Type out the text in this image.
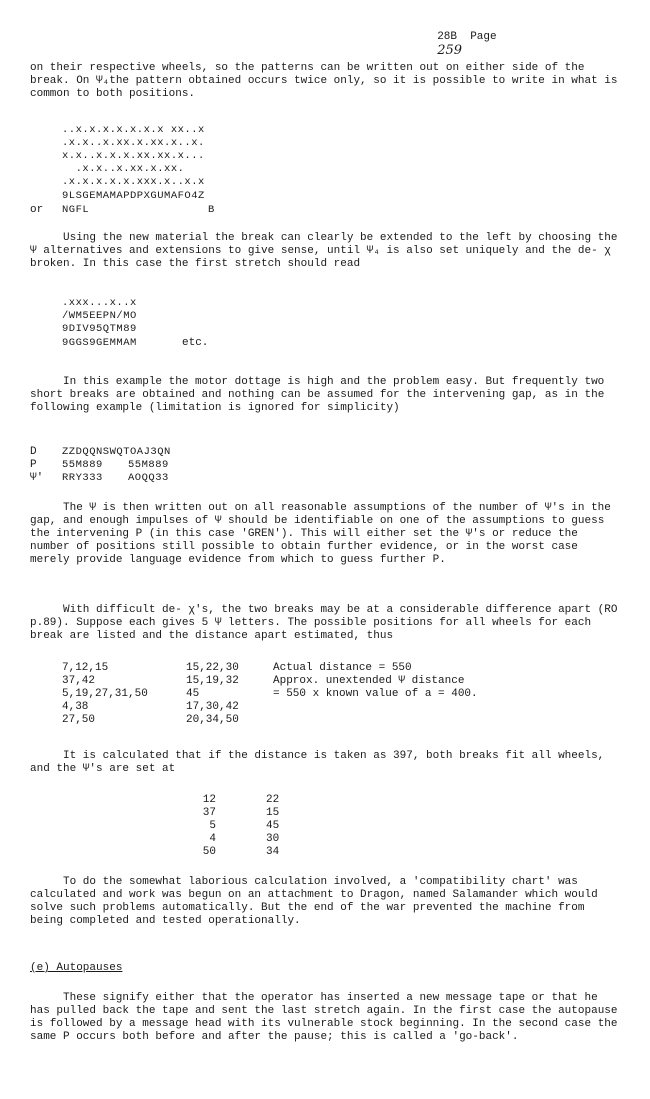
28B  Page
259

on their respective wheels, so the patterns can be written out on either side of the break. On Ψ₄the pattern obtained occurs twice only, so it is possible to write in what is common to both positions.
..x.x.x.x.x.x.x xx..x
.x.x..x.xx.x.xx.x..x.
x.x..x.x.x.xx.xx.x...
.x.x..x.xx.x.xx.
.x.x.x.x.x.xxx.x..x.x
9LSGEMAMAPDPXGUMAFO4Z
or NGFL	B
Using the new material the break can clearly be extended to the left by choosing the Ψ alternatives and extensions to give sense, until Ψ₄ is also set uniquely and the de- χ broken. In this case the first stretch should read
.xxx...x..x
/WM5EEPN/MO
9DIV95QTM89
9GGS9GEMMAM	etc.
In this example the motor dottage is high and the problem easy. But frequently two short breaks are obtained and nothing can be assumed for the intervening gap, as in the following example (limitation is ignored for simplicity)
D ZZDQQNSWQTOAJ3QN
P 55M889 55M889
Ψ' RRY333 AOQQ33
The Ψ is then written out on all reasonable assumptions of the number of Ψ's in the gap, and enough impulses of Ψ should be identifiable on one of the assumptions to guess the intervening P (in this case 'GREN'). This will either set the Ψ's or reduce the number of positions still possible to obtain further evidence, or in the worst case merely provide language evidence from which to guess further P.
With difficult de- χ's, the two breaks may be at a considerable difference apart (RO p.89). Suppose each gives 5 Ψ letters. The possible positions for all wheels for each break are listed and the distance apart estimated, thus
7,12,15	15,22,30	Actual distance = 550
37,42	15,19,32	Approx. unextended Ψ distance
5,19,27,31,50	45	= 550 x known value of a = 400.
4,38	17,30,42
27,50	20,34,50
It is calculated that if the distance is taken as 397, both breaks fit all wheels, and the Ψ's are set at
12	22
37	15
5	45
4	30
50	34
To do the somewhat laborious calculation involved, a 'compatibility chart' was calculated and work was begun on an attachment to Dragon, named Salamander which would solve such problems automatically. But the end of the war prevented the machine from being completed and tested operationally.
(e) Autopauses
These signify either that the operator has inserted a new message tape or that he has pulled back the tape and sent the last stretch again. In the first case the autopause is followed by a message head with its vulnerable stock beginning. In the second case the same P occurs both before and after the pause; this is called a 'go-back'.
